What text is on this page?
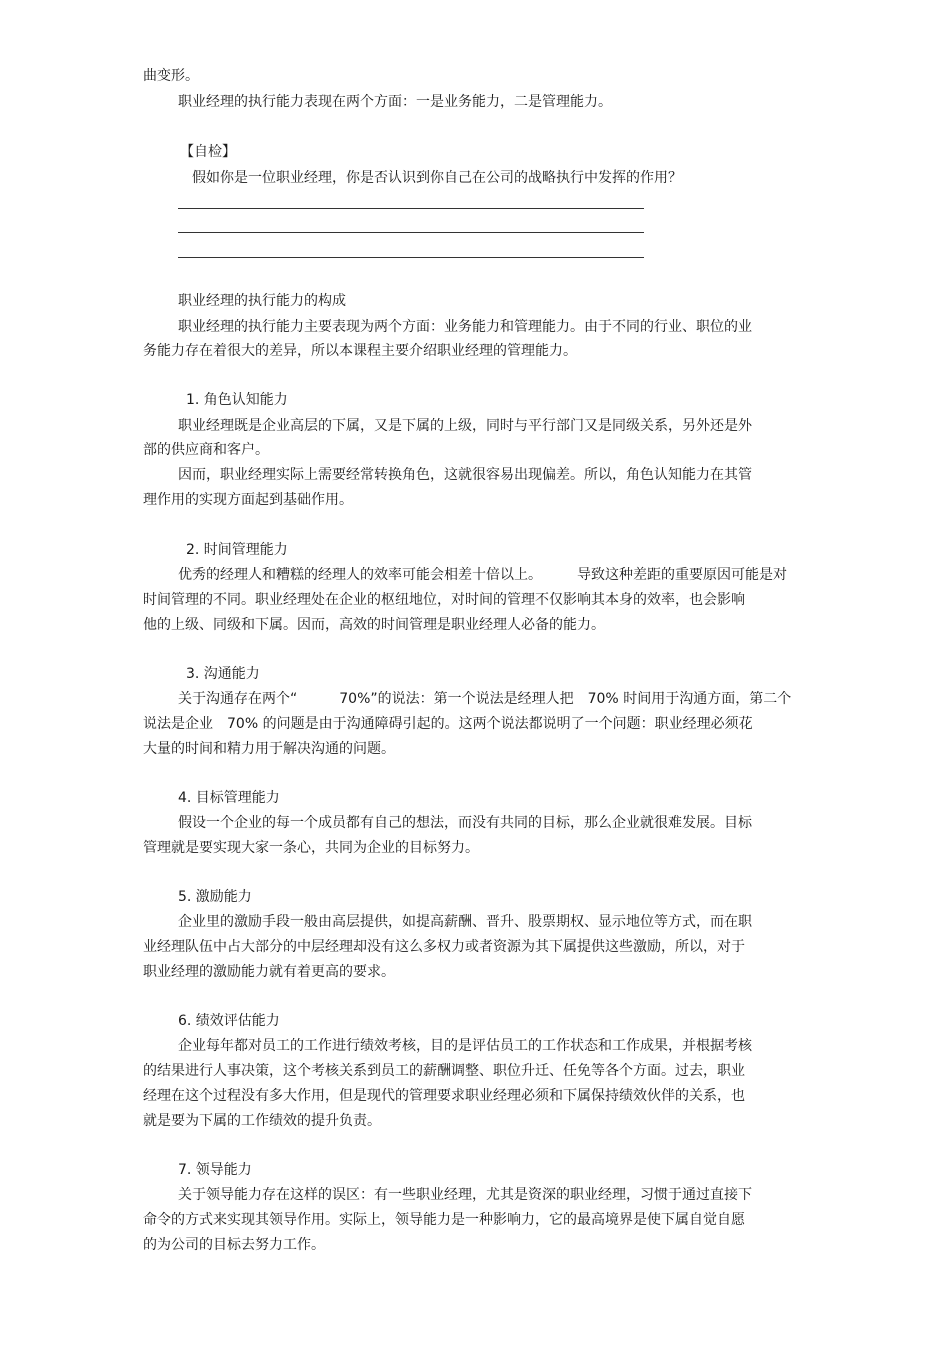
曲变形。
职业经理的执行能力表现在两个方面：一是业务能力，二是管理能力。
【自检】
假如你是一位职业经理，你是否认识到你自己在公司的战略执行中发挥的作用？
职业经理的执行能力的构成
职业经理的执行能力主要表现为两个方面：业务能力和管理能力。由于不同的行业、职位的业
务能力存在着很大的差异，所以本课程主要介绍职业经理的管理能力。
1. 角色认知能力
职业经理既是企业高层的下属，又是下属的上级，同时与平行部门又是同级关系，另外还是外
部的供应商和客户。
因而，职业经理实际上需要经常转换角色，这就很容易出现偏差。所以，角色认知能力在其管
理作用的实现方面起到基础作用。
2. 时间管理能力
优秀的经理人和糟糕的经理人的效率可能会相差十倍以上。　　　导致这种差距的重要原因可能是对
时间管理的不同。职业经理处在企业的枢纽地位，对时间的管理不仅影响其本身的效率，也会影响
他的上级、同级和下属。因而，高效的时间管理是职业经理人必备的能力。
3. 沟通能力
关于沟通存在两个“　　　70%”的说法：第一个说法是经理人把　70% 时间用于沟通方面，第二个
说法是企业　70% 的问题是由于沟通障碍引起的。这两个说法都说明了一个问题：职业经理必须花
大量的时间和精力用于解决沟通的问题。
4. 目标管理能力
假设一个企业的每一个成员都有自己的想法，而没有共同的目标，那么企业就很难发展。目标
管理就是要实现大家一条心，共同为企业的目标努力。
5. 激励能力
企业里的激励手段一般由高层提供，如提高薪酬、晋升、股票期权、显示地位等方式，而在职
业经理队伍中占大部分的中层经理却没有这么多权力或者资源为其下属提供这些激励，所以，对于
职业经理的激励能力就有着更高的要求。
6. 绩效评估能力
企业每年都对员工的工作进行绩效考核，目的是评估员工的工作状态和工作成果，并根据考核
的结果进行人事决策，这个考核关系到员工的薪酬调整、职位升迁、任免等各个方面。过去，职业
经理在这个过程没有多大作用，但是现代的管理要求职业经理必须和下属保持绩效伙伴的关系，也
就是要为下属的工作绩效的提升负责。
7. 领导能力
关于领导能力存在这样的误区：有一些职业经理，尤其是资深的职业经理，习惯于通过直接下
命令的方式来实现其领导作用。实际上，领导能力是一种影响力，它的最高境界是使下属自觉自愿
的为公司的目标去努力工作。
